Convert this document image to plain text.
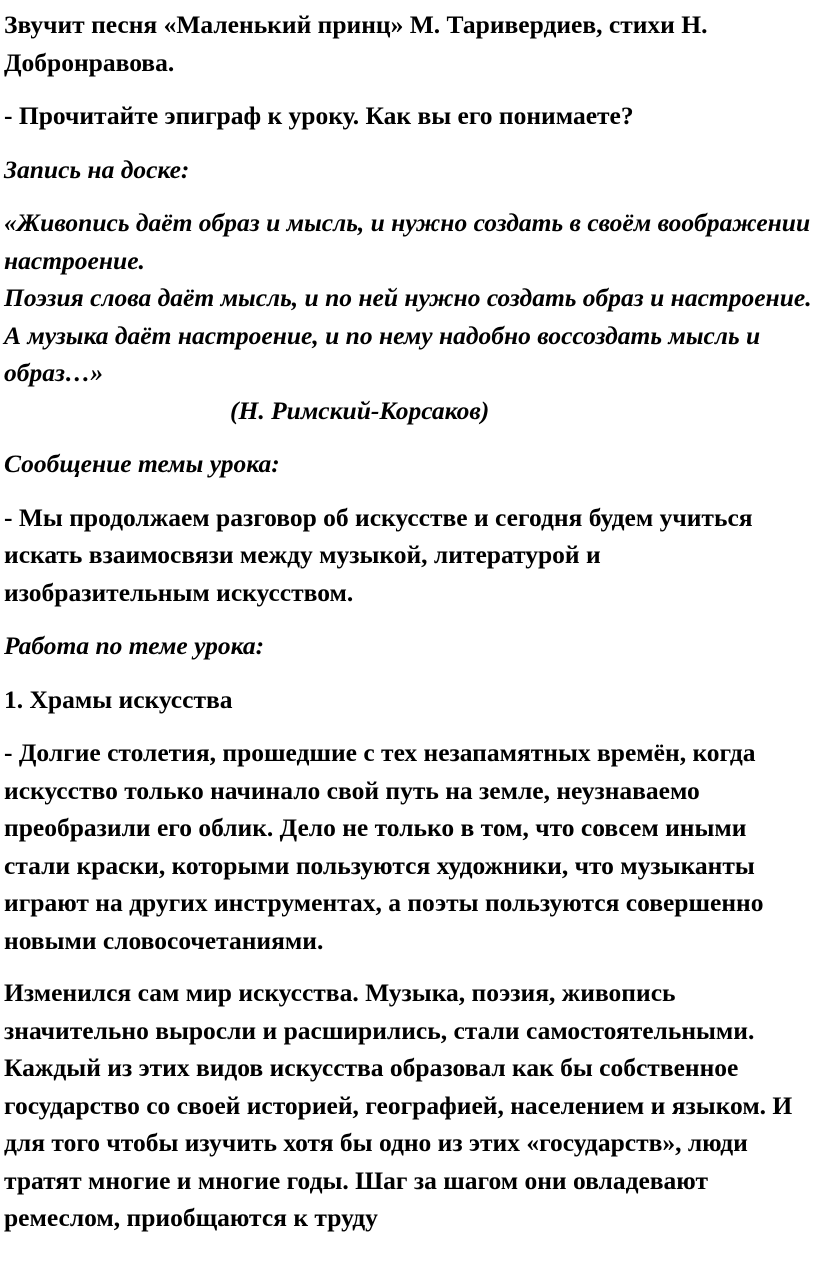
Звучит песня «Маленький принц» М. Таривердиев, стихи Н. Добронравова.

- Прочитайте эпиграф к уроку. Как вы его понимаете?

Запись на доске:

«Живопись даёт образ и мысль, и нужно создать в своём воображении настроение.

Поэзия слова даёт мысль, и по ней нужно создать образ и настроение.

А музыка даёт настроение, и по нему надобно воссоздать мысль и образ…»

(Н. Римский-Корсаков)

Сообщение темы урока:

- Мы продолжаем разговор об искусстве и сегодня будем учиться искать взаимосвязи между музыкой, литературой и изобразительным искусством.

Работа по теме урока:

1. Храмы искусства

- Долгие столетия, прошедшие с тех незапамятных времён, когда искусство только начинало свой путь на земле, неузнаваемо преобразили его облик. Дело не только в том, что совсем иными стали краски, которыми пользуются художники, что музыканты играют на других инструментах, а поэты пользуются совершенно новыми словосочетаниями.

Изменился сам мир искусства. Музыка, поэзия, живопись значительно выросли и расширились, стали самостоятельными. Каждый из этих видов искусства образовал как бы собственное государство со своей историей, географией, населением и языком. И для того чтобы изучить хотя бы одно из этих «государств», люди тратят многие и многие годы. Шаг за шагом они овладевают ремеслом, приобщаются к труду
